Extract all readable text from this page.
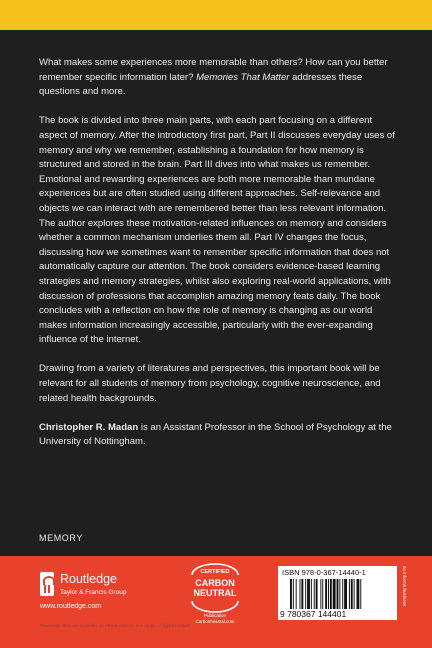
What makes some experiences more memorable than others? How can you better remember specific information later? Memories That Matter addresses these questions and more.

The book is divided into three main parts, with each part focusing on a different aspect of memory. After the introductory first part, Part II discusses everyday uses of memory and why we remember, establishing a foundation for how memory is structured and stored in the brain. Part III dives into what makes us remember. Emotional and rewarding experiences are both more memorable than mundane experiences but are often studied using different approaches. Self-relevance and objects we can interact with are remembered better than less relevant information. The author explores these motivation-related influences on memory and considers whether a common mechanism underlies them all. Part IV changes the focus, discussing how we sometimes want to remember specific information that does not automatically capture our attention. The book considers evidence-based learning strategies and memory strategies, whilst also exploring real-world applications, with discussion of professions that accomplish amazing memory feats daily. The book concludes with a reflection on how the role of memory is changing as our world makes information increasingly accessible, particularly with the ever-expanding influence of the internet.

Drawing from a variety of literatures and perspectives, this important book will be relevant for all students of memory from psychology, cognitive neuroscience, and related health backgrounds.

Christopher R. Madan is an Assistant Professor in the School of Psychology at the University of Nottingham.

MEMORY
Routledge
Taylor & Francis Group
www.routledge.com
Routledge titles are available as eBook editions in a range of digital formats
CERTIFIED
CARBON
NEUTRAL
Publication
CarbonNeutral.com
ISBN 978-0-367-14440-1
9 780367 144401
an informa business
